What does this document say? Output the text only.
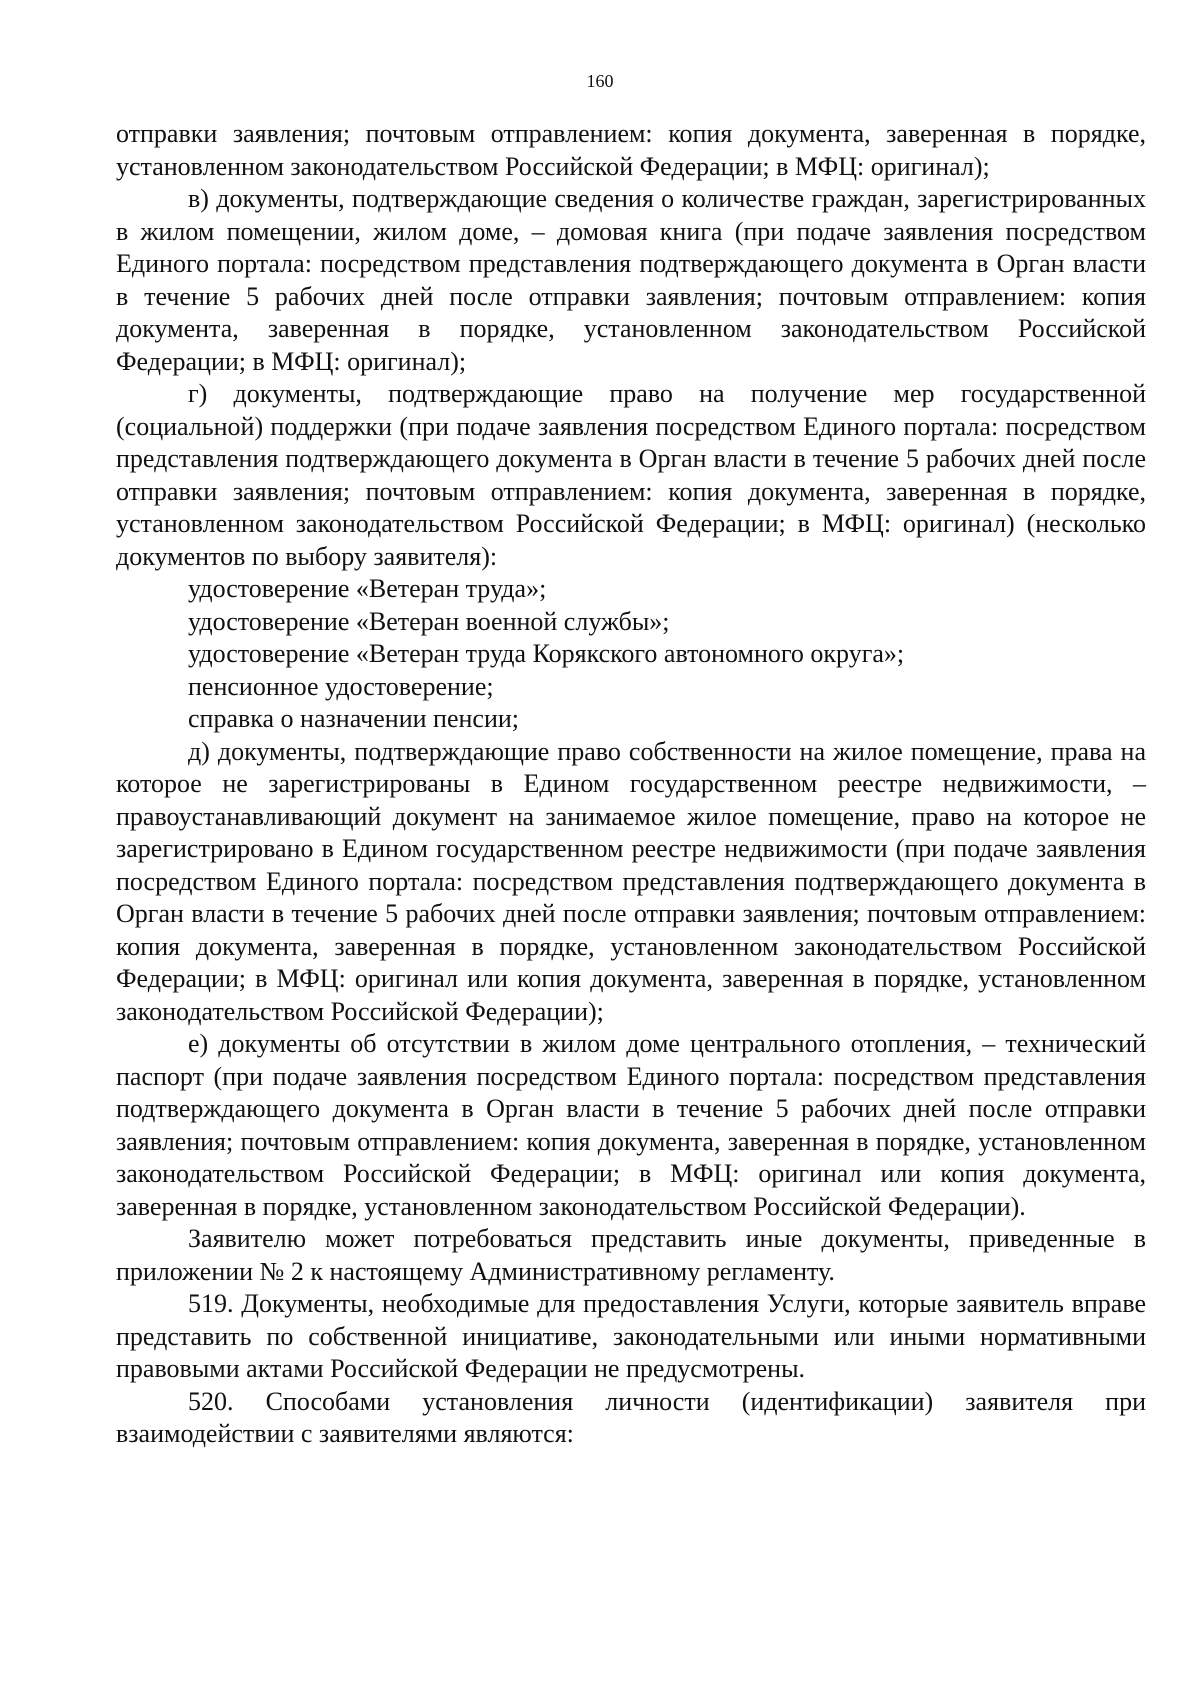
160

отправки заявления; почтовым отправлением: копия документа, заверенная в порядке, установленном законодательством Российской Федерации; в МФЦ: оригинал);

в) документы, подтверждающие сведения о количестве граждан, зарегистрированных в жилом помещении, жилом доме, – домовая книга (при подаче заявления посредством Единого портала: посредством представления подтверждающего документа в Орган власти в течение 5 рабочих дней после отправки заявления; почтовым отправлением: копия документа, заверенная в порядке, установленном законодательством Российской Федерации; в МФЦ: оригинал);

г) документы, подтверждающие право на получение мер государственной (социальной) поддержки (при подаче заявления посредством Единого портала: посредством представления подтверждающего документа в Орган власти в течение 5 рабочих дней после отправки заявления; почтовым отправлением: копия документа, заверенная в порядке, установленном законодательством Российской Федерации; в МФЦ: оригинал) (несколько документов по выбору заявителя):

удостоверение «Ветеран труда»;

удостоверение «Ветеран военной службы»;

удостоверение «Ветеран труда Корякского автономного округа»;

пенсионное удостоверение;

справка о назначении пенсии;

д) документы, подтверждающие право собственности на жилое помещение, права на которое не зарегистрированы в Едином государственном реестре недвижимости, – правоустанавливающий документ на занимаемое жилое помещение, право на которое не зарегистрировано в Едином государственном реестре недвижимости (при подаче заявления посредством Единого портала: посредством представления подтверждающего документа в Орган власти в течение 5 рабочих дней после отправки заявления; почтовым отправлением: копия документа, заверенная в порядке, установленном законодательством Российской Федерации; в МФЦ: оригинал или копия документа, заверенная в порядке, установленном законодательством Российской Федерации);

е) документы об отсутствии в жилом доме центрального отопления, – технический паспорт (при подаче заявления посредством Единого портала: посредством представления подтверждающего документа в Орган власти в течение 5 рабочих дней после отправки заявления; почтовым отправлением: копия документа, заверенная в порядке, установленном законодательством Российской Федерации; в МФЦ: оригинал или копия документа, заверенная в порядке, установленном законодательством Российской Федерации).

Заявителю может потребоваться представить иные документы, приведенные в приложении № 2 к настоящему Административному регламенту.

519. Документы, необходимые для предоставления Услуги, которые заявитель вправе представить по собственной инициативе, законодательными или иными нормативными правовыми актами Российской Федерации не предусмотрены.

520. Способами установления личности (идентификации) заявителя при взаимодействии с заявителями являются:
